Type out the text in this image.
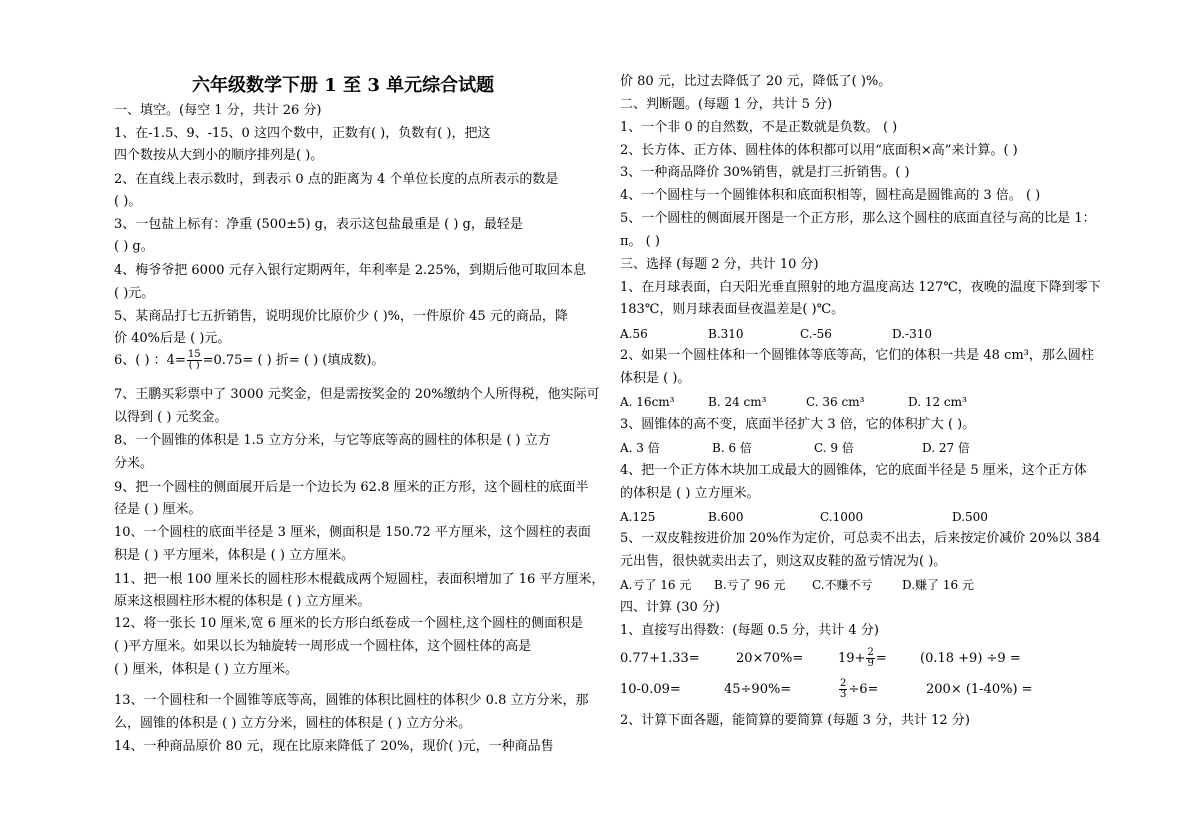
六年级数学下册 1 至 3 单元综合试题
一、填空。(每空 1 分，共计 26 分)
1、在-1.5、9、-15、0 这四个数中，正数有( )，负数有( )，把这
四个数按从大到小的顺序排列是( )。
2、在直线上表示数时，到表示 0 点的距离为 4 个单位长度的点所表示的数是
( )。
3、一包盐上标有：净重 (500±5) g，表示这包盐最重是 ( ) g，最轻是
( ) g。
4、梅爷爷把 6000 元存入银行定期两年，年利率是 2.25%，到期后他可取回本息
( )元。
5、某商品打七五折销售，说明现价比原价少 ( )%，一件原价 45 元的商品，降
价 40%后是 ( )元。
6、( ) ：$4= \frac{15}{( )} =0.75=$ ( ) 折= ( ) (填成数)。
7、王鹏买彩票中了 3000 元奖金，但是需按奖金的 20%缴纳个人所得税，他实际可
以得到 ( ) 元奖金。
8、一个圆锥的体积是 1.5 立方分米，与它等底等高的圆柱的体积是 ( ) 立方
分米。
9、把一个圆柱的侧面展开后是一个边长为 62.8 厘米的正方形，这个圆柱的底面半
径是 ( ) 厘米。
10、一个圆柱的底面半径是 3 厘米，侧面积是 150.72 平方厘米，这个圆柱的表面
积是 ( ) 平方厘米，体积是 ( ) 立方厘米。
11、把一根 100 厘米长的圆柱形木棍截成两个短圆柱，表面积增加了 16 平方厘米，
原来这根圆柱形木棍的体积是 ( ) 立方厘米。
12、将一张长 10 厘米,宽 6 厘米的长方形白纸卷成一个圆柱,这个圆柱的侧面积是
( )平方厘米。如果以长为轴旋转一周形成一个圆柱体，这个圆柱体的高是
( ) 厘米，体积是 ( ) 立方厘米。
13、一个圆柱和一个圆锥等底等高，圆锥的体积比圆柱的体积少 0.8 立方分米，那
么，圆锥的体积是 ( ) 立方分米，圆柱的体积是 ( ) 立方分米。
14、一种商品原价 80 元，现在比原来降低了 20%，现价( )元，一种商品售
价 80 元，比过去降低了 20 元，降低了( )%。
二、判断题。(每题 1 分，共计 5 分)
1、一个非 0 的自然数，不是正数就是负数。 ( )
2、长方体、正方体、圆柱体的体积都可以用“底面积×高”来计算。( )
3、一种商品降价 30%销售，就是打三折销售。( )
4、一个圆柱与一个圆锥体积和底面积相等，圆柱高是圆锥高的 3 倍。 ( )
5、一个圆柱的侧面展开图是一个正方形，那么这个圆柱的底面直径与高的比是 1：
π。 ( )
三、选择 (每题 2 分，共计 10 分)
1、在月球表面，白天阳光垂直照射的地方温度高达 127℃，夜晚的温度下降到零下
183℃，则月球表面昼夜温差是( )℃。
A.56	B.310	C.-56	D.-310
2、如果一个圆柱体和一个圆锥体等底等高，它们的体积一共是 48 cm³，那么圆柱
体积是 ( )。
A. 16cm³	B. 24 cm³	C. 36 cm³	D. 12 cm³
3、圆锥体的高不变，底面半径扩大 3 倍，它的体积扩大 ( )。
A. 3 倍	B. 6 倍	C. 9 倍	D. 27 倍
4、把一个正方体木块加工成最大的圆锥体，它的底面半径是 5 厘米，这个正方体
的体积是 ( ) 立方厘米。
A.125	B.600	C.1000	D.500
5、一双皮鞋按进价加 20%作为定价，可总卖不出去，后来按定价减价 20%以 384
元出售，很快就卖出去了，则这双皮鞋的盈亏情况为( )。
A.亏了 16 元 B.亏了 96 元 C.不赚不亏 D.赚了 16 元
四、计算 (30 分)
1、直接写出得数：(每题 0.5 分，共计 4 分)
0.77+1.33=	20×70%=	$19+ \frac{2}{9}$ =	(0.18 +9) ÷9 =
10-0.09=	45÷90%=	$\frac{2}{3} \div 6=$	200× (1-40%) =
2、计算下面各题，能简算的要简算 (每题 3 分，共计 12 分)
